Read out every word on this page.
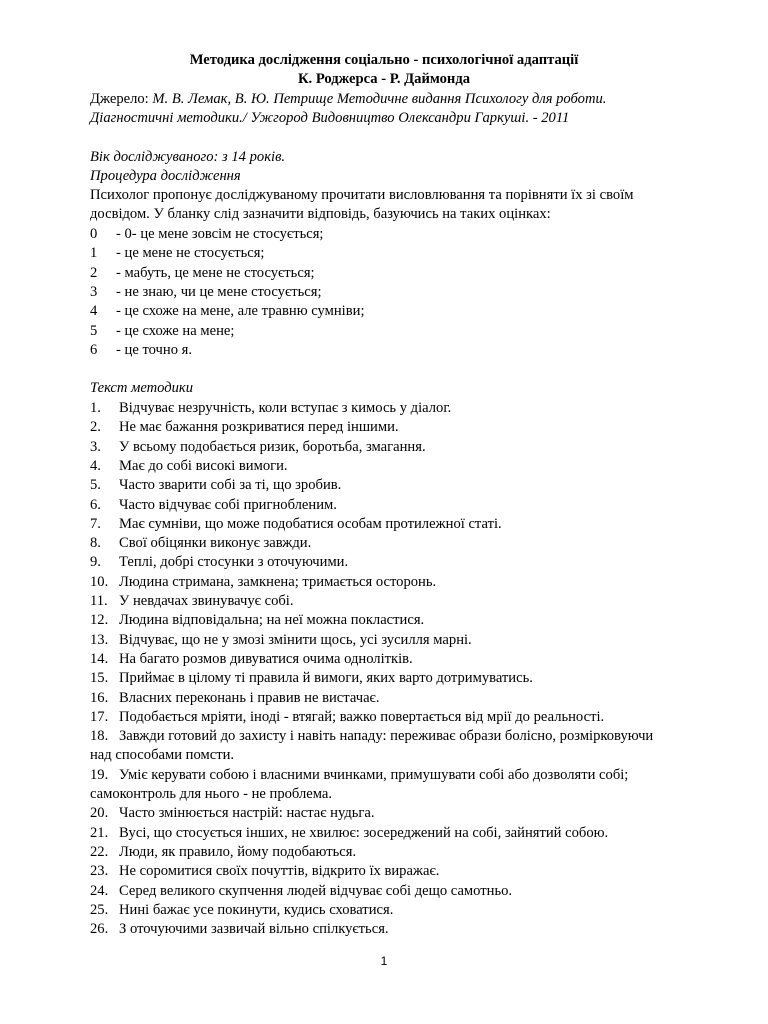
Методика дослідження соціально - психологічної адаптації
К. Роджерса - Р. Даймонда
Джерело: М. В. Лемак, В. Ю. Петрище Методичне видання Психологу для роботи.
Діагностичні методики./ Ужгород Видовництво Олександри Гаркуші. - 2011
Вік досліджуваного: з 14 років.
Процедура дослідження
Психолог пропонує досліджуваному прочитати висловлювання та порівняти їх зі своїм
досвідом. У бланку слід зазначити відповідь, базуючись на таких оцінках:
0 - 0- це мене зовсім не стосується;
1 - це мене не стосується;
2 - мабуть, це мене не стосується;
3 - не знаю, чи це мене стосується;
4 - це схоже на мене, але травню сумніви;
5 - це схоже на мене;
6 - це точно я.
Текст методики
1. Відчуває незручність, коли вступає з кимось у діалог.
2. Не має бажання розкриватися перед іншими.
3. У всьому подобається ризик, боротьба, змагання.
4. Має до собі високі вимоги.
5. Часто зварити собі за ті, що зробив.
6. Часто відчуває собі пригнобленим.
7. Має сумніви, що може подобатися особам протилежної статі.
8. Свої обіцянки виконує завжди.
9. Теплі, добрі стосунки з оточуючими.
10. Людина стримана, замкнена; тримається осторонь.
11. У невдачах звинувачує собі.
12. Людина відповідальна; на неї можна покластися.
13. Відчуває, що не у змозі змінити щось, усі зусилля марні.
14. На багато розмов дивуватися очима однолітків.
15. Приймає в цілому ті правила й вимоги, яких варто дотримуватись.
16. Власних переконань і правив не вистачає.
17. Подобається мріяти, іноді - втягай; важко повертається від мрії до реальності.
18. Завжди готовий до захисту і навіть нападу: переживає образи болісно, розмірковуючи
над способами помсти.
19. Уміє керувати собою і власними вчинками, примушувати собі або дозволяти собі;
самоконтроль для нього - не проблема.
20. Часто змінюється настрій: настає нудьга.
21. Вусі, що стосується інших, не хвилює: зосереджений на собі, зайнятий собою.
22. Люди, як правило, йому подобаються.
23. Не соромитися своїх почуттів, відкрито їх виражає.
24. Серед великого скупчення людей відчуває собі дещо самотньо.
25. Нині бажає усе покинути, кудись сховатися.
26. З оточуючими зазвичай вільно спілкується.
1
